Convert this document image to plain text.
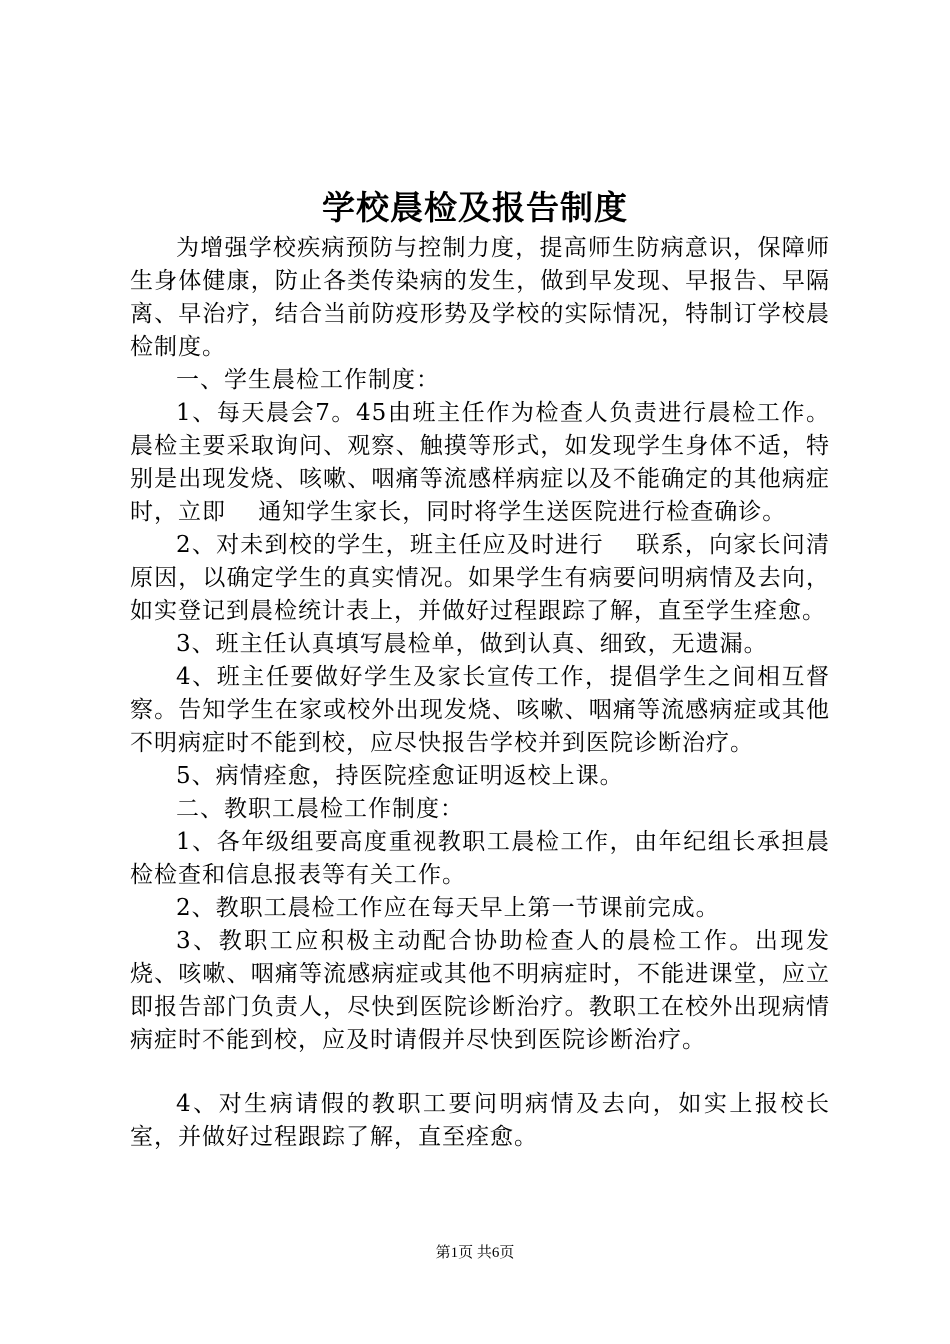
学校晨检及报告制度

为增强学校疾病预防与控制力度，提高师生防病意识，保障师生身体健康，防止各类传染病的发生，做到早发现、早报告、早隔离、早治疗，结合当前防疫形势及学校的实际情况，特制订学校晨检制度。

一、学生晨检工作制度：

1、每天晨会7。45由班主任作为检查人负责进行晨检工作。晨检主要采取询问、观察、触摸等形式，如发现学生身体不适，特别是出现发烧、咳嗽、咽痛等流感样病症以及不能确定的其他病症时，立即　 通知学生家长，同时将学生送医院进行检查确诊。

2、对未到校的学生，班主任应及时进行　 联系，向家长问清原因，以确定学生的真实情况。如果学生有病要问明病情及去向，如实登记到晨检统计表上，并做好过程跟踪了解，直至学生痊愈。

3、班主任认真填写晨检单，做到认真、细致，无遗漏。

4、班主任要做好学生及家长宣传工作，提倡学生之间相互督察。告知学生在家或校外出现发烧、咳嗽、咽痛等流感病症或其他不明病症时不能到校，应尽快报告学校并到医院诊断治疗。

5、病情痊愈，持医院痊愈证明返校上课。

二、教职工晨检工作制度：

1、各年级组要高度重视教职工晨检工作，由年纪组长承担晨检检查和信息报表等有关工作。

2、教职工晨检工作应在每天早上第一节课前完成。

3、教职工应积极主动配合协助检查人的晨检工作。出现发烧、咳嗽、咽痛等流感病症或其他不明病症时，不能进课堂，应立即报告部门负责人，尽快到医院诊断治疗。教职工在校外出现病情病症时不能到校，应及时请假并尽快到医院诊断治疗。

4、对生病请假的教职工要问明病情及去向，如实上报校长室，并做好过程跟踪了解，直至痊愈。

第1页 共6页
